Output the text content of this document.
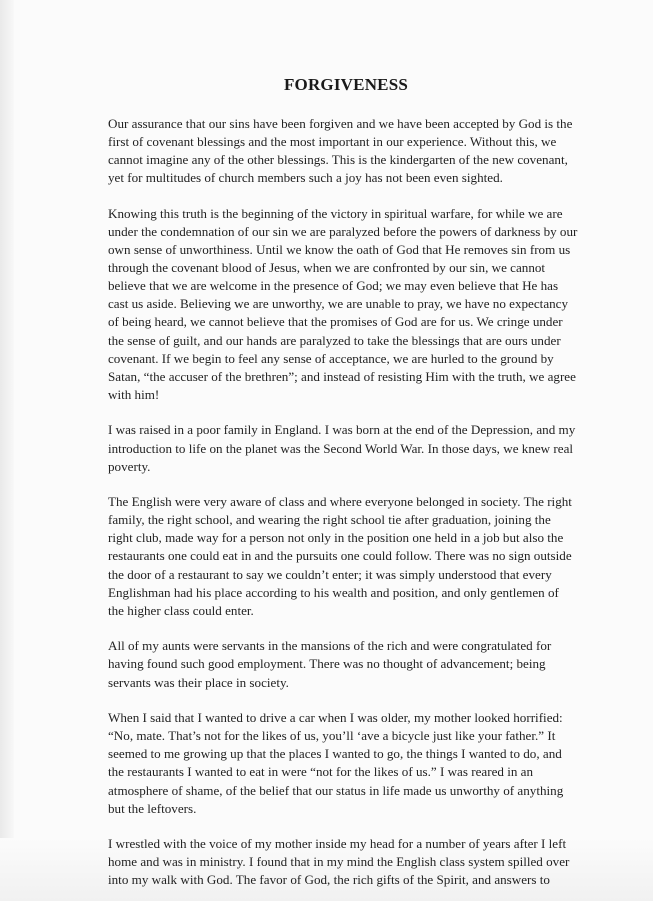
FORGIVENESS

Our assurance that our sins have been forgiven and we have been accepted by God is the first of covenant blessings and the most important in our experience. Without this, we cannot imagine any of the other blessings. This is the kindergarten of the new covenant, yet for multitudes of church members such a joy has not been even sighted.

Knowing this truth is the beginning of the victory in spiritual warfare, for while we are under the condemnation of our sin we are paralyzed before the powers of darkness by our own sense of unworthiness. Until we know the oath of God that He removes sin from us through the covenant blood of Jesus, when we are confronted by our sin, we cannot believe that we are welcome in the presence of God; we may even believe that He has cast us aside. Believing we are unworthy, we are unable to pray, we have no expectancy of being heard, we cannot believe that the promises of God are for us. We cringe under the sense of guilt, and our hands are paralyzed to take the blessings that are ours under covenant. If we begin to feel any sense of acceptance, we are hurled to the ground by Satan, “the accuser of the brethren”; and instead of resisting Him with the truth, we agree with him!

I was raised in a poor family in England. I was born at the end of the Depression, and my introduction to life on the planet was the Second World War. In those days, we knew real poverty.

The English were very aware of class and where everyone belonged in society. The right family, the right school, and wearing the right school tie after graduation, joining the right club, made way for a person not only in the position one held in a job but also the restaurants one could eat in and the pursuits one could follow. There was no sign outside the door of a restaurant to say we couldn’t enter; it was simply understood that every Englishman had his place according to his wealth and position, and only gentlemen of the higher class could enter.

All of my aunts were servants in the mansions of the rich and were congratulated for having found such good employment. There was no thought of advancement; being servants was their place in society.

When I said that I wanted to drive a car when I was older, my mother looked horrified: “No, mate. That’s not for the likes of us, you’ll ‘ave a bicycle just like your father.” It seemed to me growing up that the places I wanted to go, the things I wanted to do, and the restaurants I wanted to eat in were “not for the likes of us.” I was reared in an atmosphere of shame, of the belief that our status in life made us unworthy of anything but the leftovers.

I wrestled with the voice of my mother inside my head for a number of years after I left home and was in ministry. I found that in my mind the English class system spilled over into my walk with God. The favor of God, the rich gifts of the Spirit, and answers to
